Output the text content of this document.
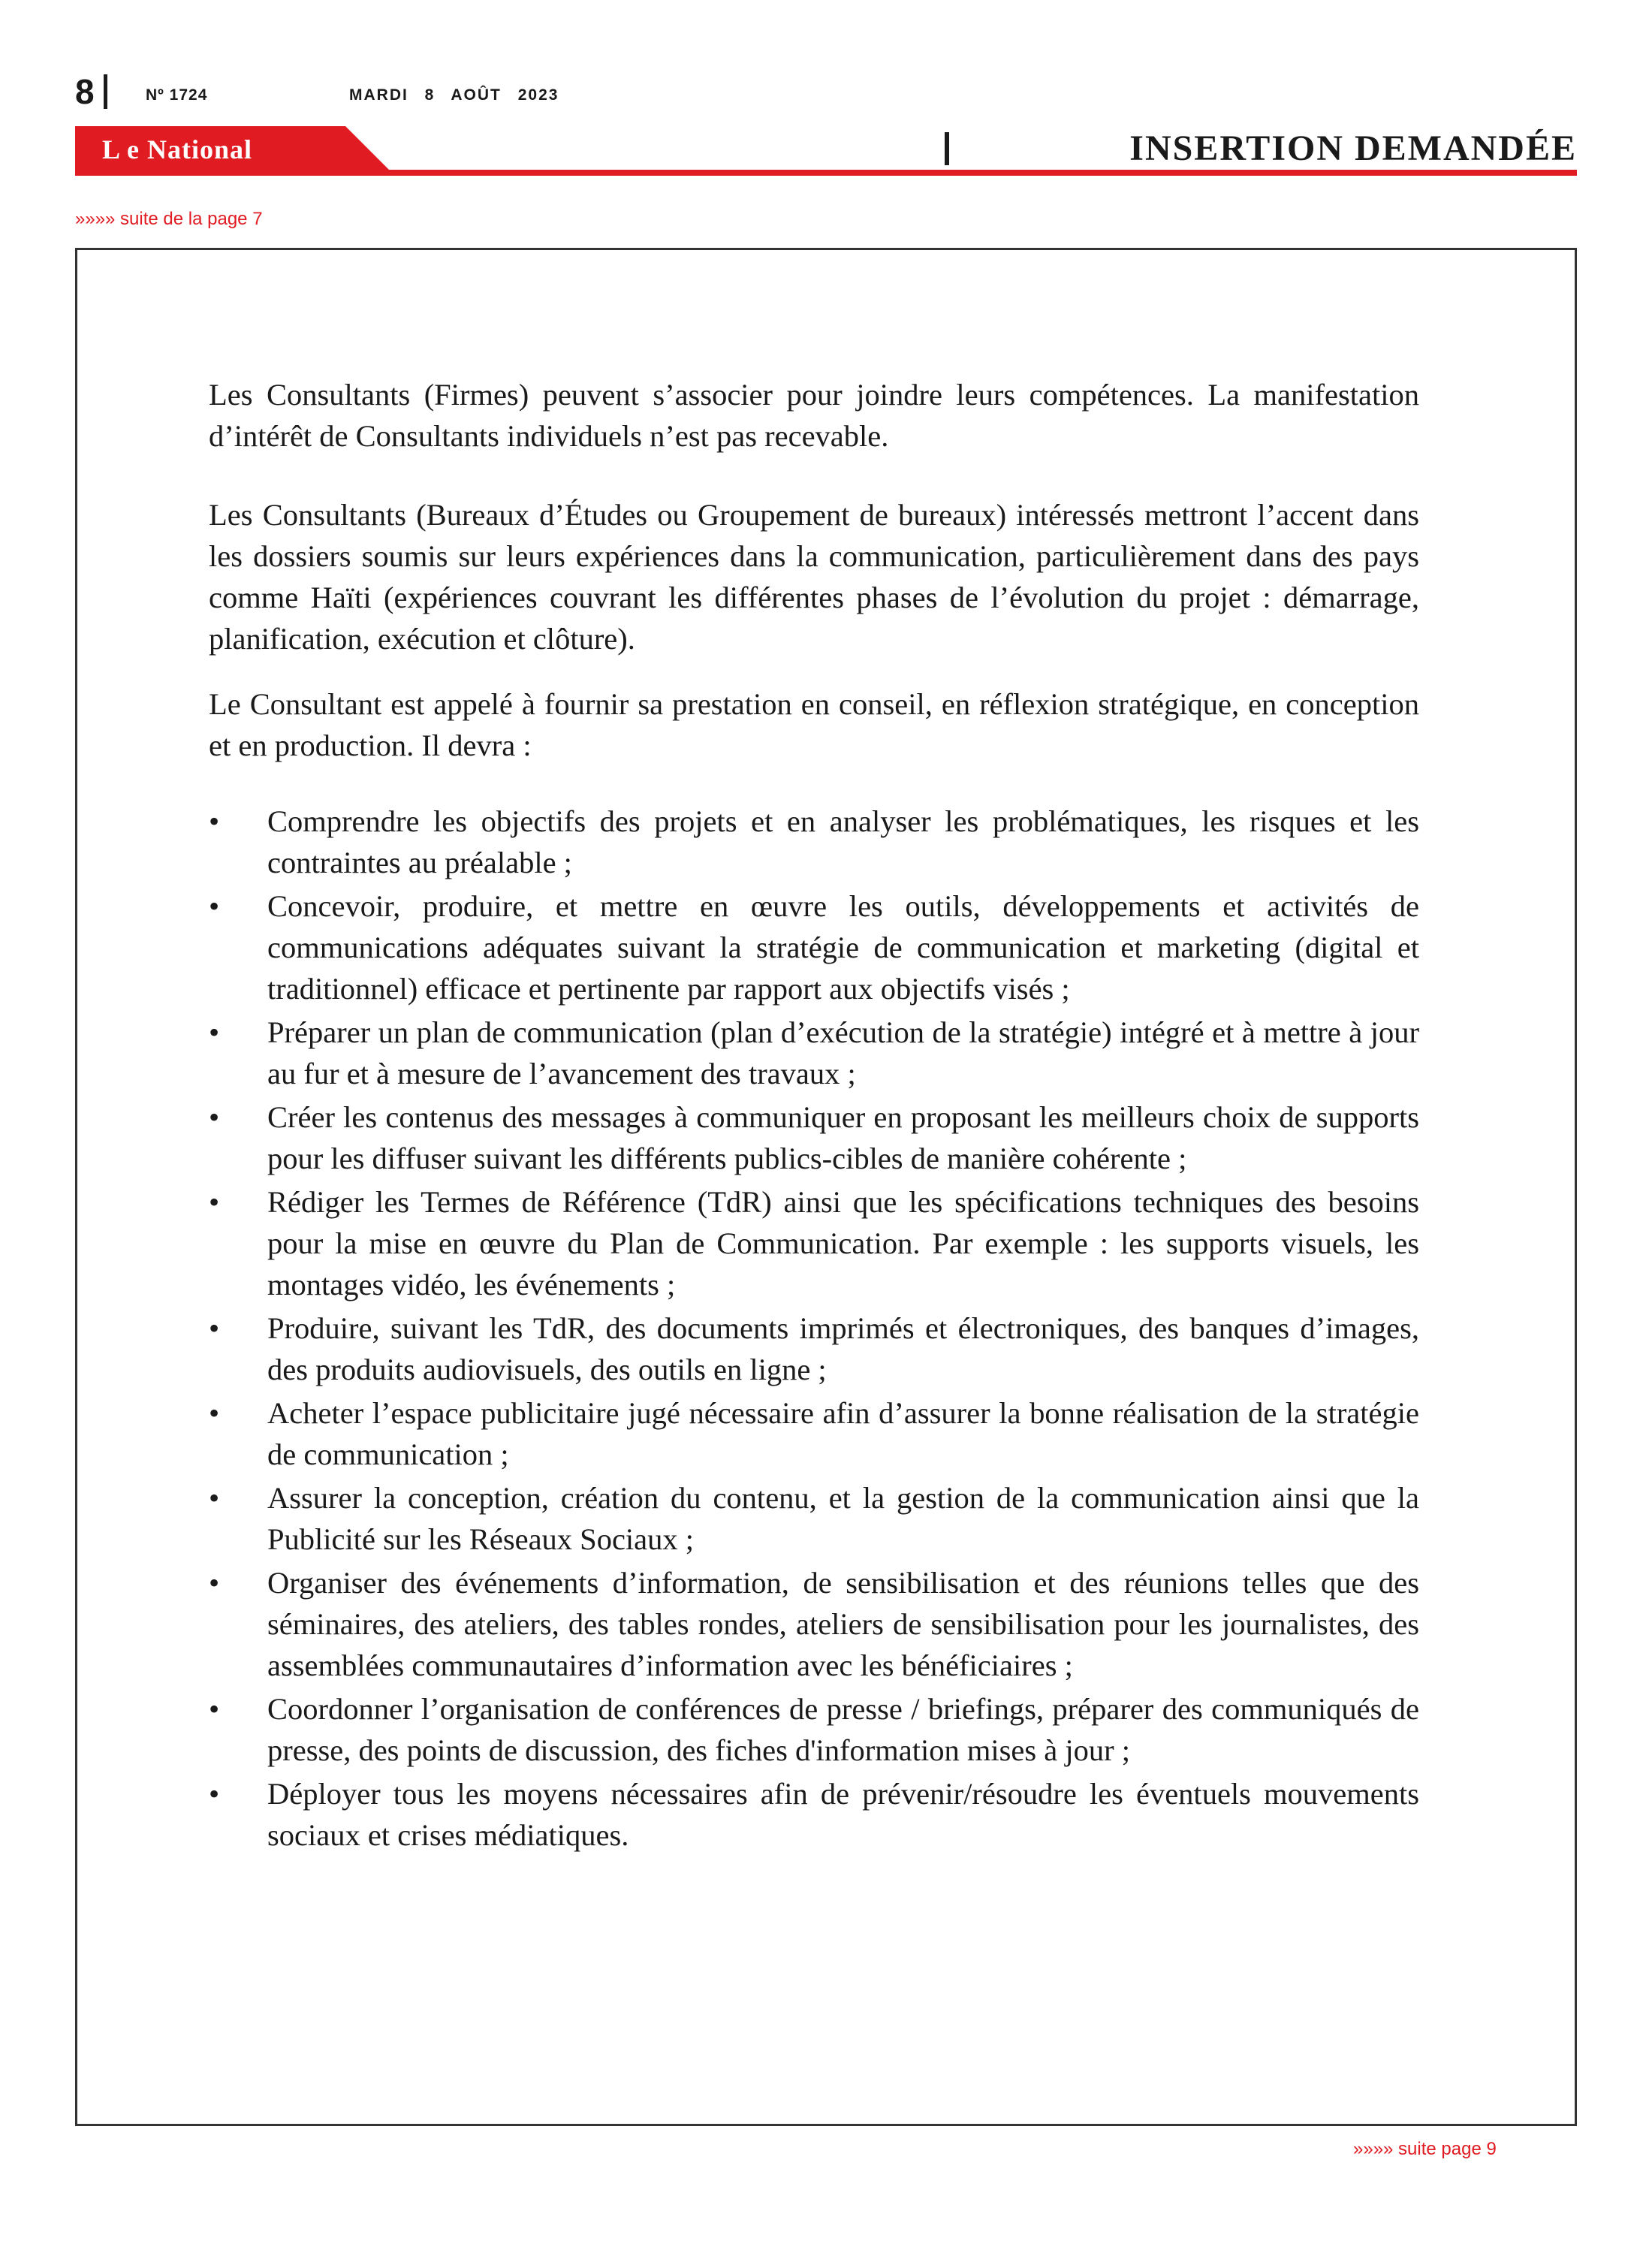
8	Nº 1724	MARDI 8 AOÛT 2023
L e National	INSERTION DEMANDÉE
»»»» suite de la page 7

Les Consultants (Firmes) peuvent s’associer pour joindre leurs compétences. La manifestation d’intérêt de Consultants individuels n’est pas recevable.

Les Consultants (Bureaux d’Études ou Groupement de bureaux) intéressés mettront l’accent dans les dossiers soumis sur leurs expériences dans la communication, particulièrement dans des pays comme Haïti (expériences couvrant les différentes phases de l’évolution du projet : démarrage, planification, exécution et clôture).

Le Consultant est appelé à fournir sa prestation en conseil, en réflexion stratégique, en conception et en production. Il devra :

• Comprendre les objectifs des projets et en analyser les problématiques, les risques et les contraintes au préalable ;
• Concevoir, produire, et mettre en œuvre les outils, développements et activités de communications adéquates suivant la stratégie de communication et marketing (digital et traditionnel) efficace et pertinente par rapport aux objectifs visés ;
• Préparer un plan de communication (plan d’exécution de la stratégie) intégré et à mettre à jour au fur et à mesure de l’avancement des travaux ;
• Créer les contenus des messages à communiquer en proposant les meilleurs choix de supports pour les diffuser suivant les différents publics-cibles de manière cohérente ;
• Rédiger les Termes de Référence (TdR) ainsi que les spécifications techniques des besoins pour la mise en œuvre du Plan de Communication. Par exemple : les supports visuels, les montages vidéo, les événements ;
• Produire, suivant les TdR, des documents imprimés et électroniques, des banques d’images, des produits audiovisuels, des outils en ligne ;
• Acheter l’espace publicitaire jugé nécessaire afin d’assurer la bonne réalisation de la stratégie de communication ;
• Assurer la conception, création du contenu, et la gestion de la communication ainsi que la Publicité sur les Réseaux Sociaux ;
• Organiser des événements d’information, de sensibilisation et des réunions telles que des séminaires, des ateliers, des tables rondes, ateliers de sensibilisation pour les journalistes, des assemblées communautaires d’information avec les bénéficiaires ;
• Coordonner l’organisation de conférences de presse / briefings, préparer des communiqués de presse, des points de discussion, des fiches d'information mises à jour ;
• Déployer tous les moyens nécessaires afin de prévenir/résoudre les éventuels mouvements sociaux et crises médiatiques.
»»»» suite page 9
